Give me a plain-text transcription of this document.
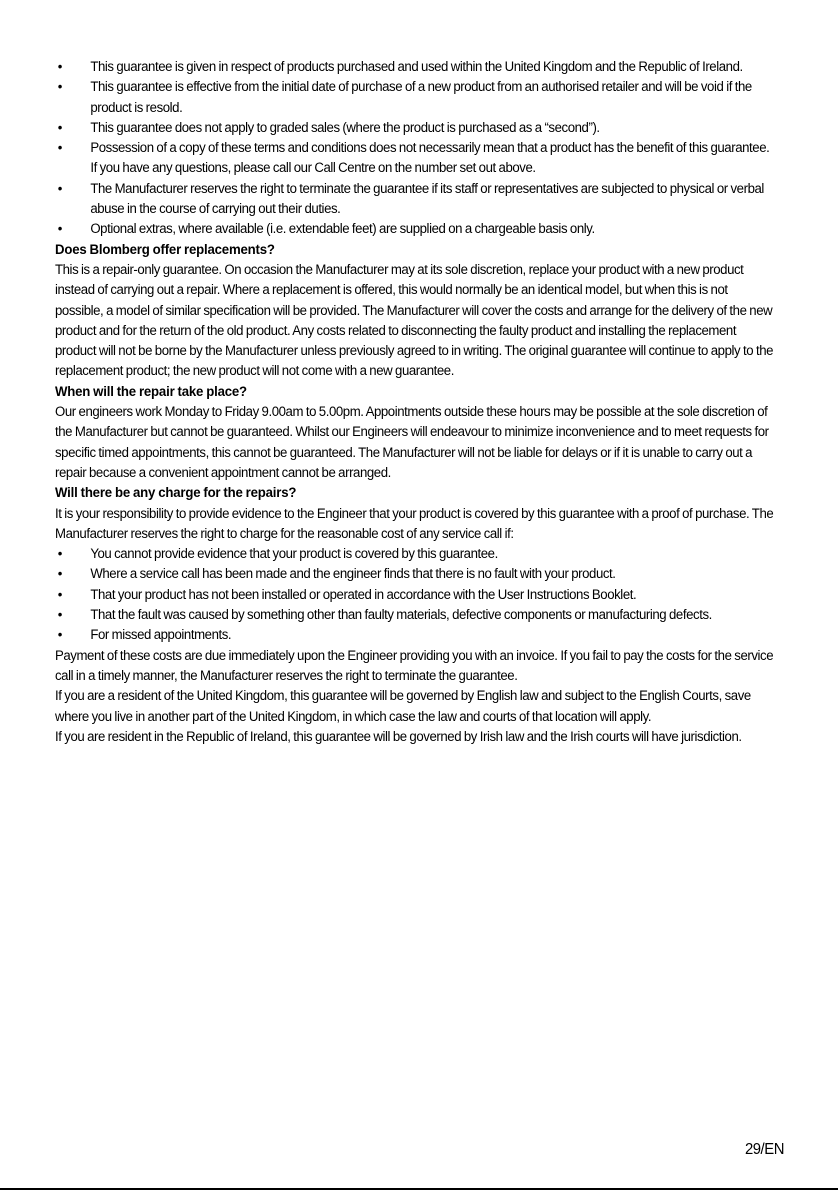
• This guarantee is given in respect of products purchased and used within the United Kingdom and the Republic of Ireland.
• This guarantee is effective from the initial date of purchase of a new product from an authorised retailer and will be void if the product is resold.
• This guarantee does not apply to graded sales (where the product is purchased as a “second”).
• Possession of a copy of these terms and conditions does not necessarily mean that a product has the benefit of this guarantee. If you have any questions, please call our Call Centre on the number set out above.
• The Manufacturer reserves the right to terminate the guarantee if its staff or representatives are subjected to physical or verbal abuse in the course of carrying out their duties.
• Optional extras, where available (i.e. extendable feet) are supplied on a chargeable basis only.
Does Blomberg offer replacements?

This is a repair-only guarantee. On occasion the Manufacturer may at its sole discretion, replace your product with a new product instead of carrying out a repair. Where a replacement is offered, this would normally be an identical model, but when this is not possible, a model of similar specification will be provided. The Manufacturer will cover the costs and arrange for the delivery of the new product and for the return of the old product. Any costs related to disconnecting the faulty product and installing the replacement product will not be borne by the Manufacturer unless previously agreed to in writing. The original guarantee will continue to apply to the replacement product; the new product will not come with a new guarantee.

When will the repair take place?

Our engineers work Monday to Friday 9.00am to 5.00pm. Appointments outside these hours may be possible at the sole discretion of the Manufacturer but cannot be guaranteed. Whilst our Engineers will endeavour to minimize inconvenience and to meet requests for specific timed appointments, this cannot be guaranteed. The Manufacturer will not be liable for delays or if it is unable to carry out a repair because a convenient appointment cannot be arranged.

Will there be any charge for the repairs?

It is your responsibility to provide evidence to the Engineer that your product is covered by this guarantee with a proof of purchase. The Manufacturer reserves the right to charge for the reasonable cost of any service call if:

• You cannot provide evidence that your product is covered by this guarantee.
• Where a service call has been made and the engineer finds that there is no fault with your product.
• That your product has not been installed or operated in accordance with the User Instructions Booklet.
• That the fault was caused by something other than faulty materials, defective components or manufacturing defects.
• For missed appointments.

Payment of these costs are due immediately upon the Engineer providing you with an invoice. If you fail to pay the costs for the service call in a timely manner, the Manufacturer reserves the right to terminate the guarantee.

If you are a resident of the United Kingdom, this guarantee will be governed by English law and subject to the English Courts, save where you live in another part of the United Kingdom, in which case the law and courts of that location will apply.

If you are resident in the Republic of Ireland, this guarantee will be governed by Irish law and the Irish courts will have jurisdiction.

29/EN
